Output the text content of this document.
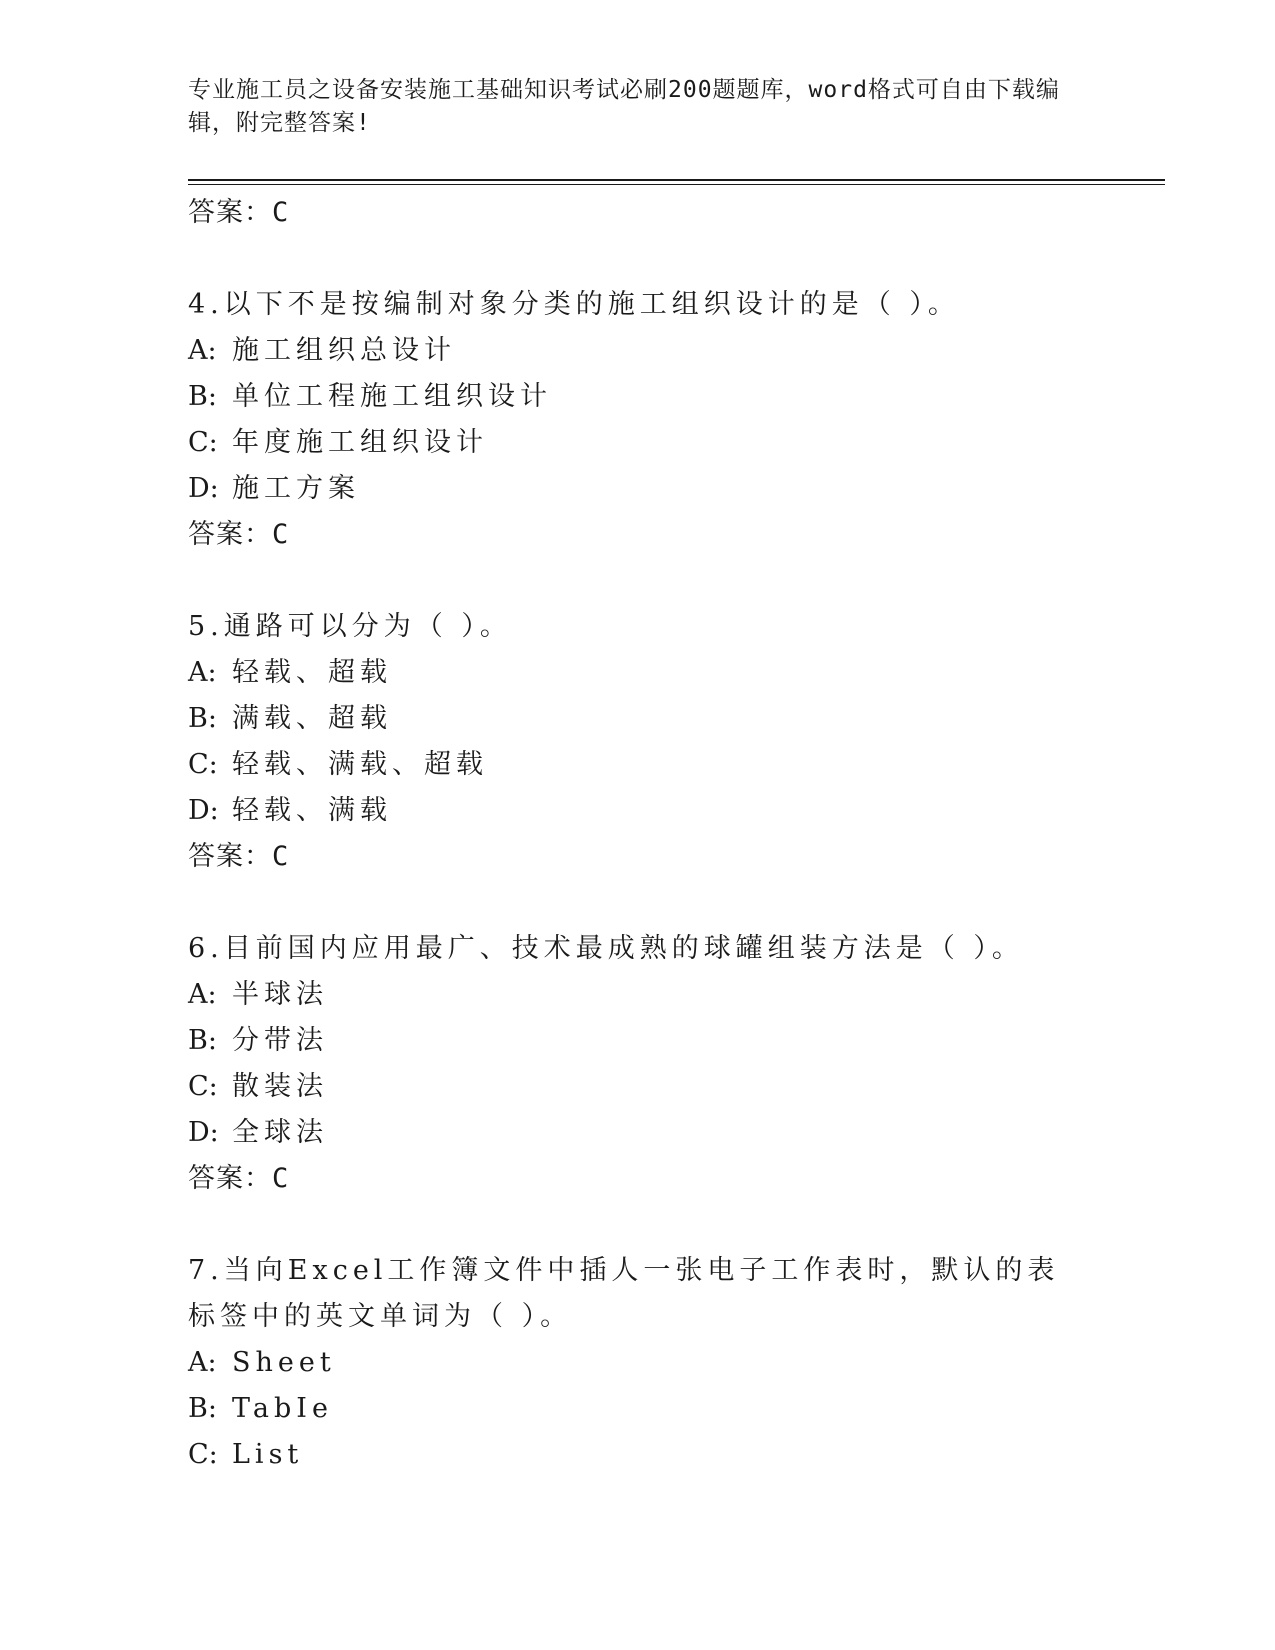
专业施工员之设备安装施工基础知识考试必刷200题题库，word格式可自由下载编辑，附完整答案!
答案：C
4.以下不是按编制对象分类的施工组织设计的是（ ）。
A: 施工组织总设计
B: 单位工程施工组织设计
C: 年度施工组织设计
D: 施工方案
答案：C
5.通路可以分为（ ）。
A: 轻载、超载
B: 满载、超载
C: 轻载、满载、超载
D: 轻载、满载
答案：C
6.目前国内应用最广、技术最成熟的球罐组装方法是（ ）。
A: 半球法
B: 分带法
C: 散装法
D: 全球法
答案：C
7.当向Excel工作簿文件中插人一张电子工作表时，默认的表标签中的英文单词为（ ）。
A: Sheet
B: TabIe
C: List
